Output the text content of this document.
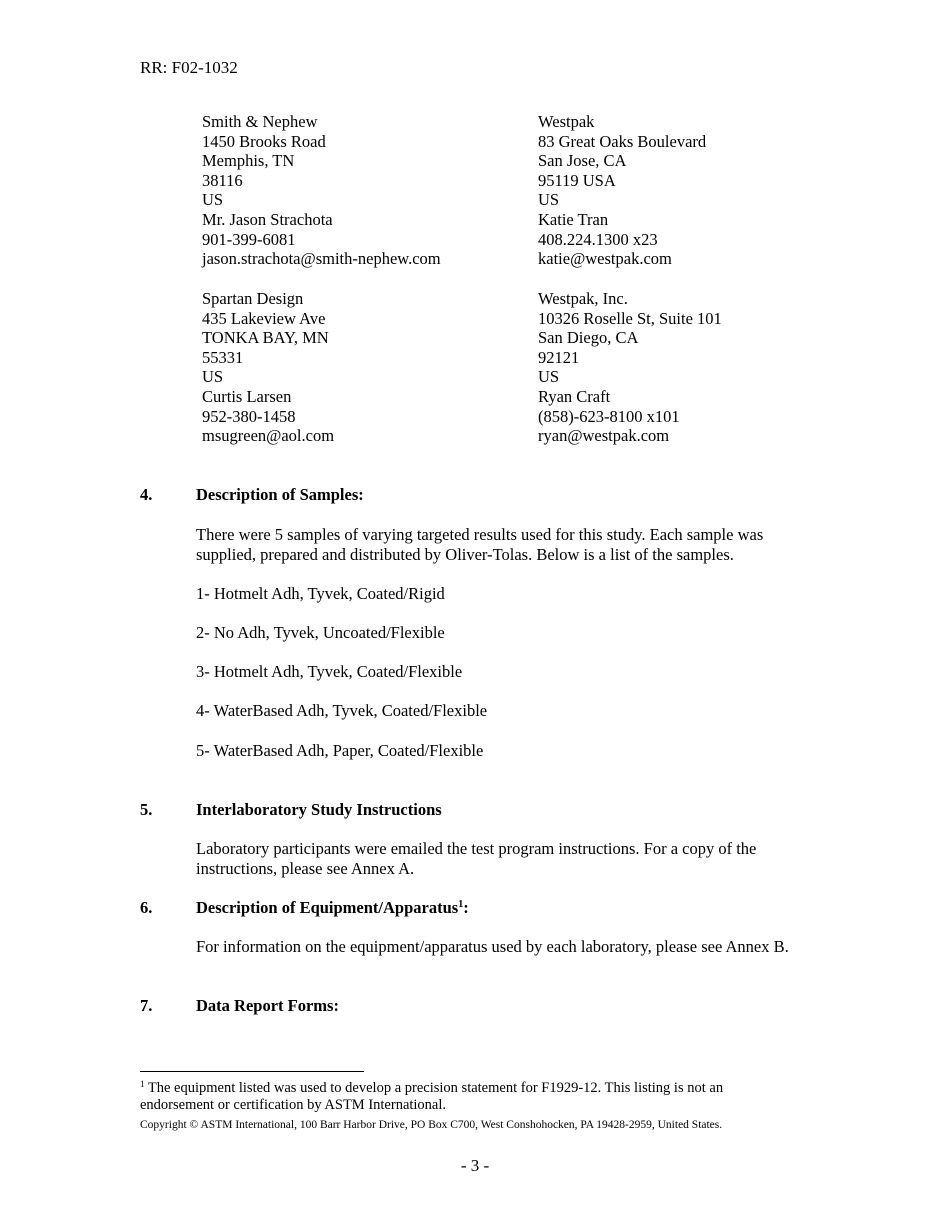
RR: F02-1032
Smith & Nephew
1450 Brooks Road
Memphis, TN
38116
US
Mr. Jason Strachota
901-399-6081
jason.strachota@smith-nephew.com
Westpak
83 Great Oaks Boulevard
San Jose, CA
95119 USA
US
Katie Tran
408.224.1300 x23
katie@westpak.com
Spartan Design
435 Lakeview Ave
TONKA BAY, MN
55331
US
Curtis Larsen
952-380-1458
msugreen@aol.com
Westpak, Inc.
10326 Roselle St, Suite 101
San Diego, CA
92121
US
Ryan Craft
(858)-623-8100 x101
ryan@westpak.com
4.	Description of Samples:
There were 5 samples of varying targeted results used for this study. Each sample was supplied, prepared and distributed by Oliver-Tolas. Below is a list of the samples.
1- Hotmelt Adh, Tyvek, Coated/Rigid
2- No Adh, Tyvek, Uncoated/Flexible
3- Hotmelt Adh, Tyvek, Coated/Flexible
4- WaterBased Adh, Tyvek, Coated/Flexible
5- WaterBased Adh, Paper, Coated/Flexible
5.	Interlaboratory Study Instructions
Laboratory participants were emailed the test program instructions. For a copy of the instructions, please see Annex A.
6.	Description of Equipment/Apparatus$^1$:
For information on the equipment/apparatus used by each laboratory, please see Annex B.
7.	Data Report Forms:
$^1$ The equipment listed was used to develop a precision statement for F1929-12. This listing is not an endorsement or certification by ASTM International.
Copyright © ASTM International, 100 Barr Harbor Drive, PO Box C700, West Conshohocken, PA 19428-2959, United States.
- 3 -
